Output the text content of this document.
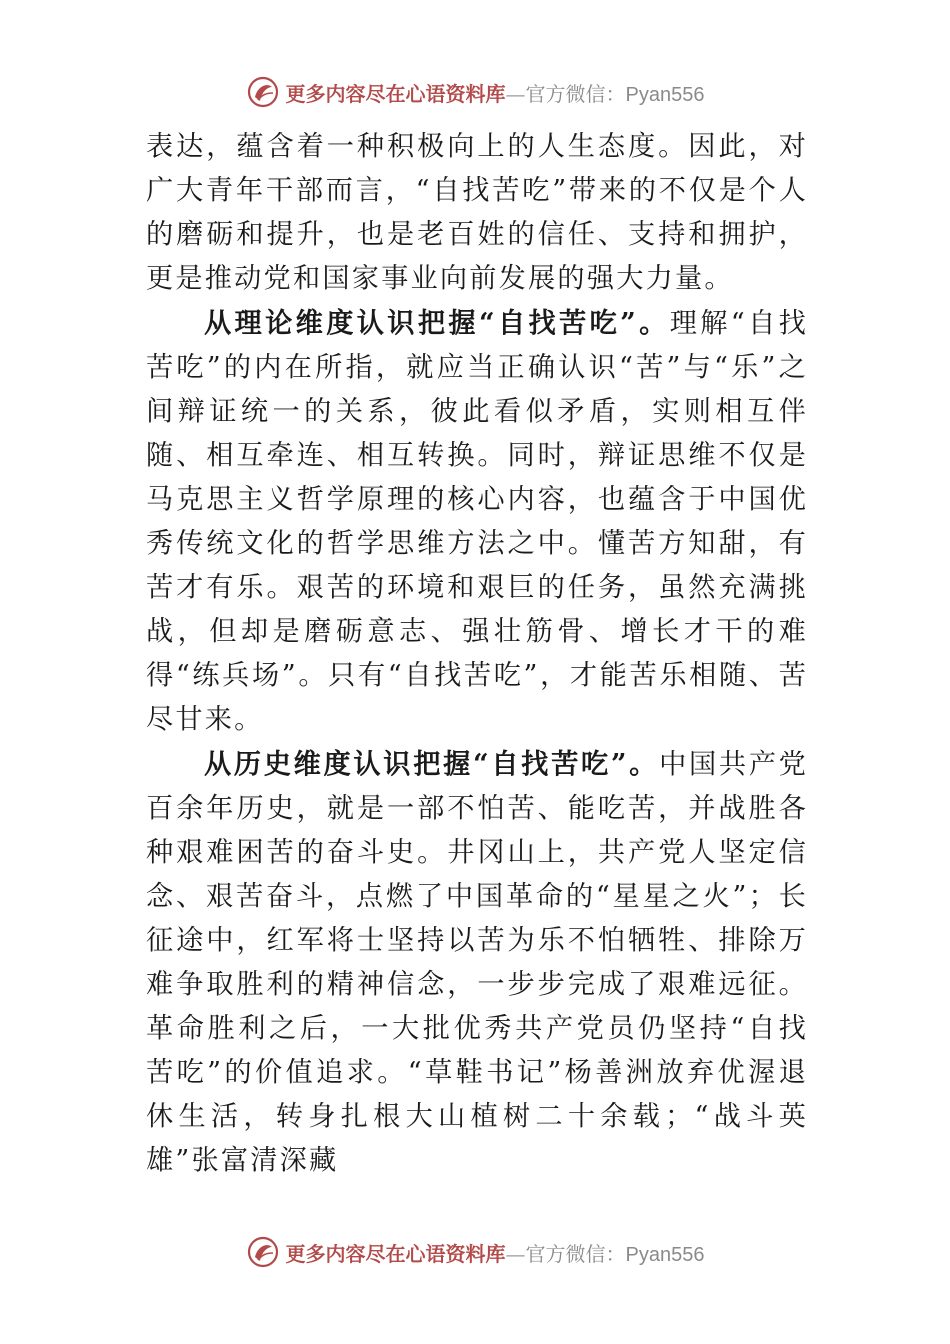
更多内容尽在心语资料库—官方微信：Pyan556

表达，蕴含着一种积极向上的人生态度。因此，对广大青年干部而言，“自找苦吃”带来的不仅是个人的磨砺和提升，也是老百姓的信任、支持和拥护，更是推动党和国家事业向前发展的强大力量。

从理论维度认识把握“自找苦吃”。理解“自找苦吃”的内在所指，就应当正确认识“苦”与“乐”之间辩证统一的关系，彼此看似矛盾，实则相互伴随、相互牵连、相互转换。同时，辩证思维不仅是马克思主义哲学原理的核心内容，也蕴含于中国优秀传统文化的哲学思维方法之中。懂苦方知甜，有苦才有乐。艰苦的环境和艰巨的任务，虽然充满挑战，但却是磨砺意志、强壮筋骨、增长才干的难得“练兵场”。只有“自找苦吃”，才能苦乐相随、苦尽甘来。

从历史维度认识把握“自找苦吃”。中国共产党百余年历史，就是一部不怕苦、能吃苦，并战胜各种艰难困苦的奋斗史。井冈山上，共产党人坚定信念、艰苦奋斗，点燃了中国革命的“星星之火”；长征途中，红军将士坚持以苦为乐不怕牺牲、排除万难争取胜利的精神信念，一步步完成了艰难远征。革命胜利之后，一大批优秀共产党员仍坚持“自找苦吃”的价值追求。“草鞋书记”杨善洲放弃优渥退休生活，转身扎根大山植树二十余载；“战斗英雄”张富清深藏

更多内容尽在心语资料库—官方微信：Pyan556
